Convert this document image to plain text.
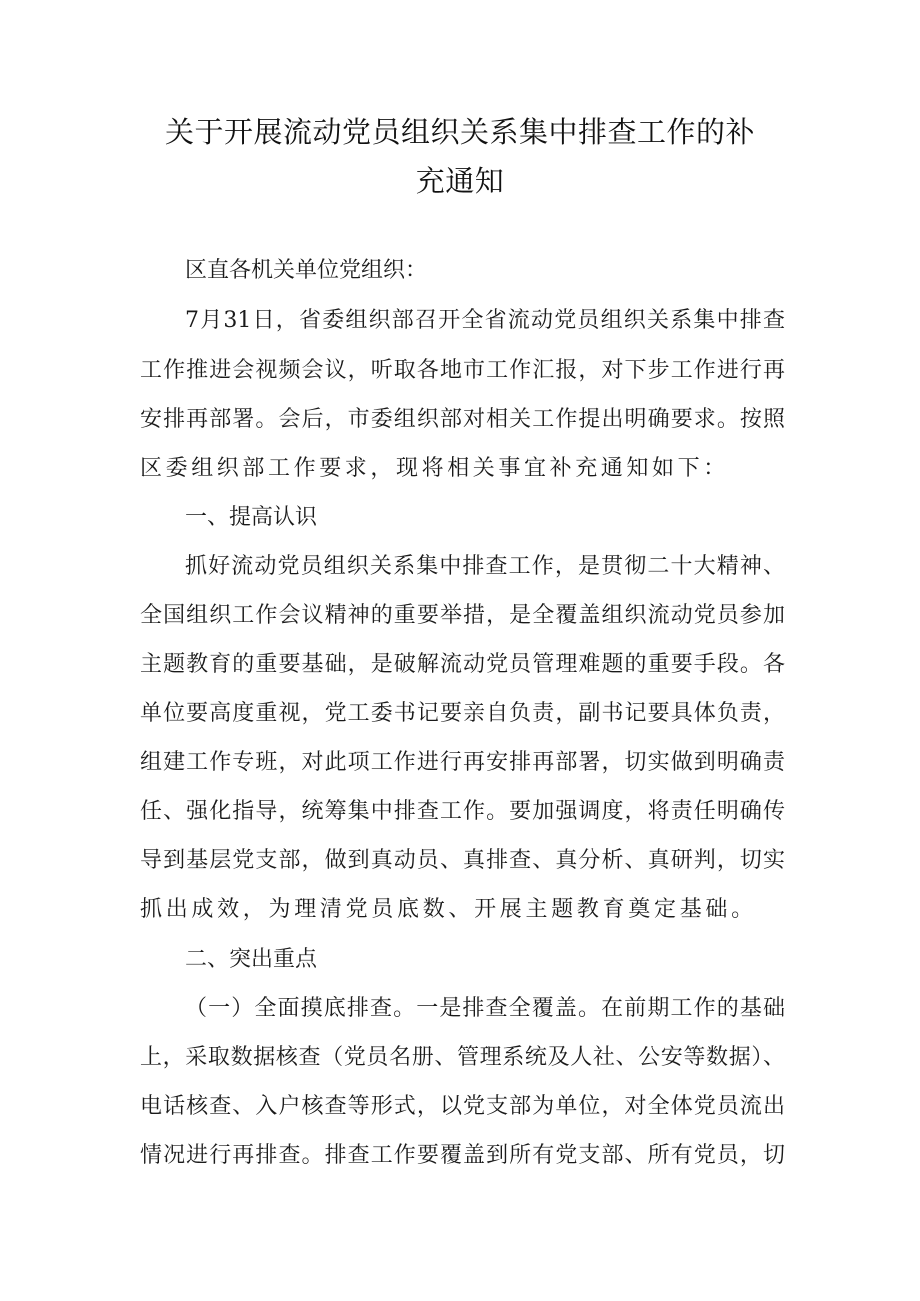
关于开展流动党员组织关系集中排查工作的补
充通知
区直各机关单位党组织：
7月31日，省委组织部召开全省流动党员组织关系集中排查
工作推进会视频会议，听取各地市工作汇报，对下步工作进行再
安排再部署。会后，市委组织部对相关工作提出明确要求。按照
区委组织部工作要求，现将相关事宜补充通知如下：
一、提高认识
抓好流动党员组织关系集中排查工作，是贯彻二十大精神、
全国组织工作会议精神的重要举措，是全覆盖组织流动党员参加
主题教育的重要基础，是破解流动党员管理难题的重要手段。各
单位要高度重视，党工委书记要亲自负责，副书记要具体负责，
组建工作专班，对此项工作进行再安排再部署，切实做到明确责
任、强化指导，统筹集中排查工作。要加强调度，将责任明确传
导到基层党支部，做到真动员、真排查、真分析、真研判，切实
抓出成效，为理清党员底数、开展主题教育奠定基础。
二、突出重点
（一）全面摸底排查。一是排查全覆盖。在前期工作的基础
上，采取数据核查（党员名册、管理系统及人社、公安等数据）、
电话核查、入户核查等形式，以党支部为单位，对全体党员流出
情况进行再排查。排查工作要覆盖到所有党支部、所有党员，切
